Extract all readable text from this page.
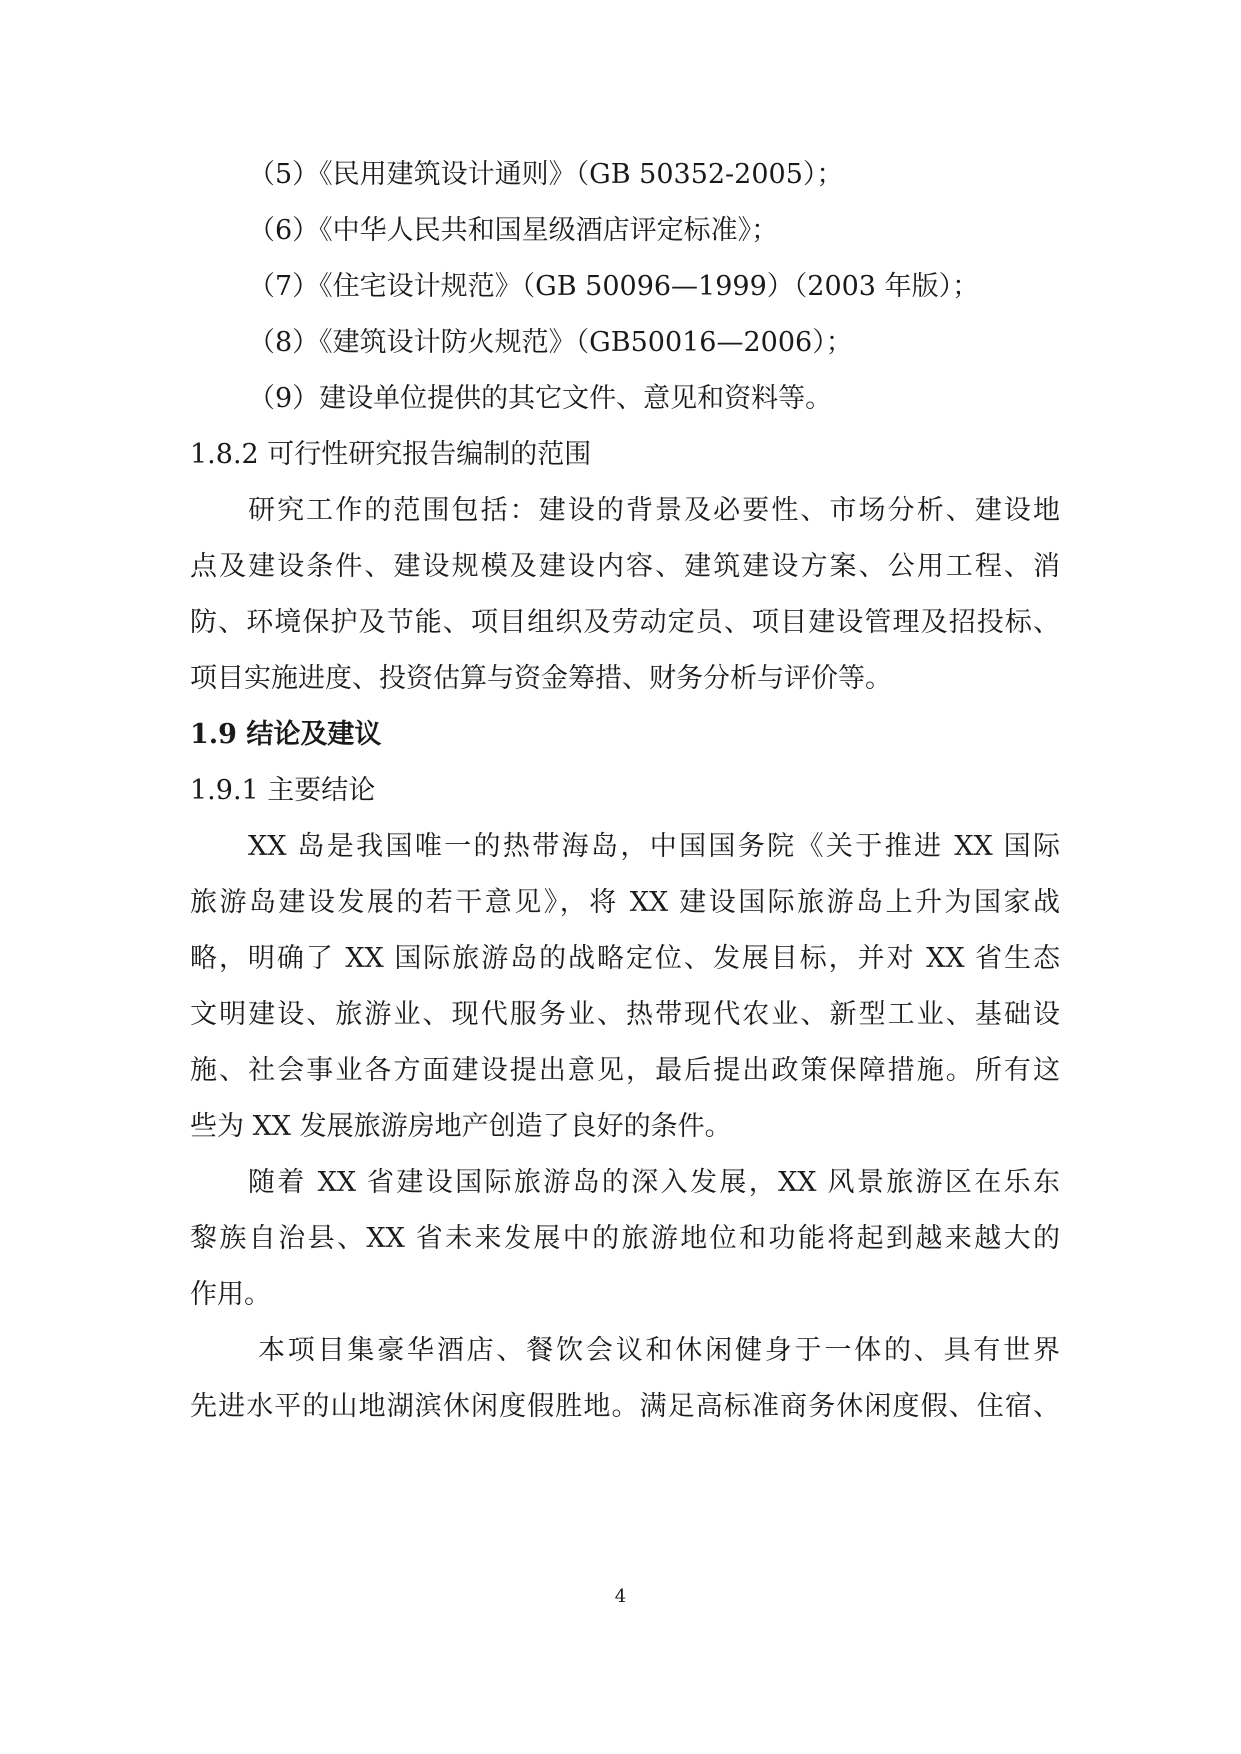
（5）《民用建筑设计通则》（GB 50352-2005）；
（6）《中华人民共和国星级酒店评定标准》；
（7）《住宅设计规范》（GB 50096—1999）（2003 年版）；
（8）《建筑设计防火规范》（GB50016—2006）；
（9）建设单位提供的其它文件、意见和资料等。
1.8.2 可行性研究报告编制的范围
研究工作的范围包括：建设的背景及必要性、市场分析、建设地
点及建设条件、建设规模及建设内容、建筑建设方案、公用工程、消
防、环境保护及节能、项目组织及劳动定员、项目建设管理及招投标、
项目实施进度、投资估算与资金筹措、财务分析与评价等。
1.9 结论及建议
1.9.1 主要结论
XX 岛是我国唯一的热带海岛，中国国务院《关于推进 XX 国际
旅游岛建设发展的若干意见》，将 XX 建设国际旅游岛上升为国家战
略，明确了 XX 国际旅游岛的战略定位、发展目标，并对 XX 省生态
文明建设、旅游业、现代服务业、热带现代农业、新型工业、基础设
施、社会事业各方面建设提出意见，最后提出政策保障措施。所有这
些为 XX 发展旅游房地产创造了良好的条件。
随着 XX 省建设国际旅游岛的深入发展，XX 风景旅游区在乐东
黎族自治县、XX 省未来发展中的旅游地位和功能将起到越来越大的
作用。
本项目集豪华酒店、餐饮会议和休闲健身于一体的、具有世界
先进水平的山地湖滨休闲度假胜地。满足高标准商务休闲度假、住宿、
4
